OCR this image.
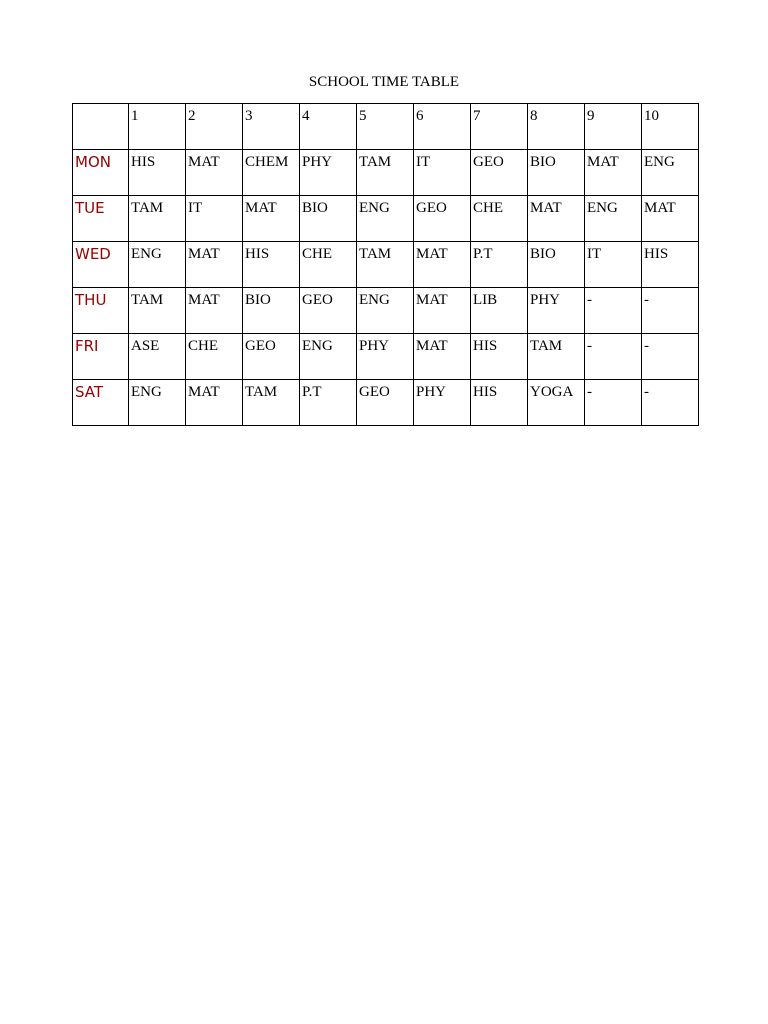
SCHOOL TIME TABLE
	1	2	3	4	5	6	7	8	9	10
MON	HIS	MAT	CHEM	PHY	TAM	IT	GEO	BIO	MAT	ENG
TUE	TAM	IT	MAT	BIO	ENG	GEO	CHE	MAT	ENG	MAT
WED	ENG	MAT	HIS	CHE	TAM	MAT	P.T	BIO	IT	HIS
THU	TAM	MAT	BIO	GEO	ENG	MAT	LIB	PHY	-	-
FRI	ASE	CHE	GEO	ENG	PHY	MAT	HIS	TAM	-	-
SAT	ENG	MAT	TAM	P.T	GEO	PHY	HIS	YOGA	-	-
